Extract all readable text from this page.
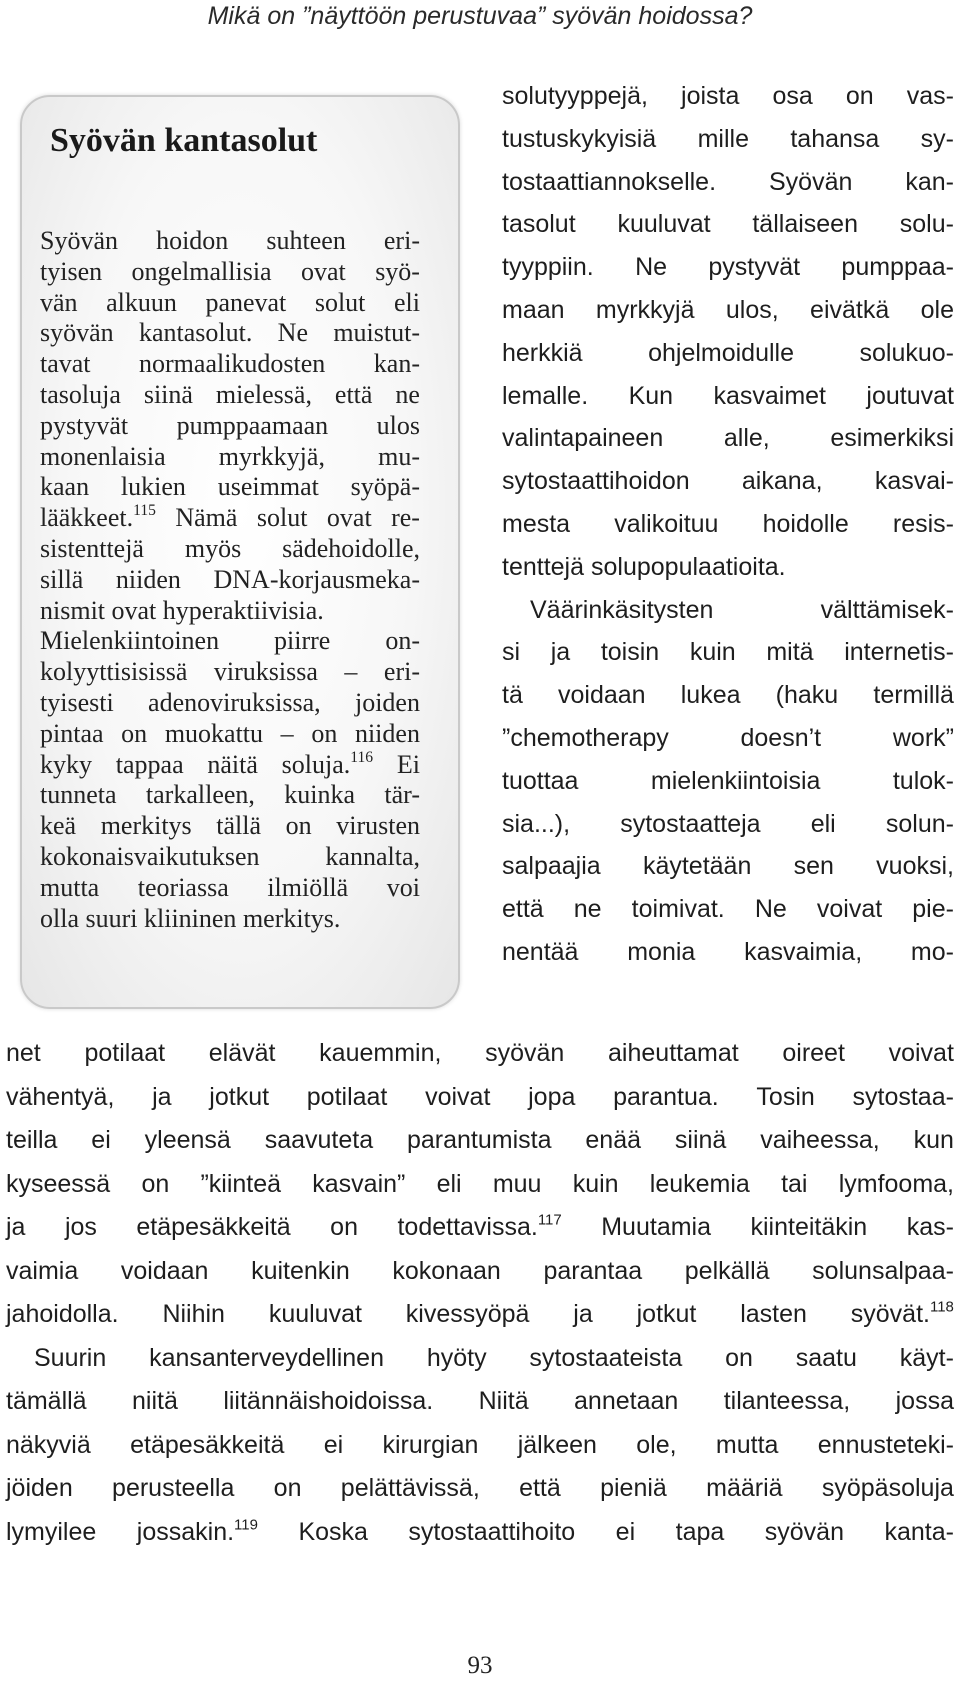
Mikä on ”näyttöön perustuvaa” syövän hoidossa?

Syövän kantasolut

Syövän hoidon suhteen eri-

tyisen ongelmallisia ovat syö-

vän alkuun panevat solut eli

syövän kantasolut. Ne muistut-

tavat normaalikudosten kan-

tasoluja siinä mielessä, että ne

pystyvät pumppaamaan ulos

monenlaisia myrkkyjä, mu-

kaan lukien useimmat syöpä-

lääkkeet.$^{115}$ Nämä solut ovat re-

sistenttejä myös sädehoidolle,

sillä niiden DNA-korjausmeka-

nismit ovat hyperaktiivisia.

Mielenkiintoinen piirre on-

kolyyttisisissä viruksissa – eri-

tyisesti adenoviruksissa, joiden

pintaa on muokattu – on niiden

kyky tappaa näitä soluja.$^{116}$ Ei

tunneta tarkalleen, kuinka tär-

keä merkitys tällä on virusten

kokonaisvaikutuksen	kannalta,

mutta teoriassa ilmiöllä voi

olla suuri kliininen merkitys.

solutyyppejä, joista osa on vas-

tustuskykyisiä mille tahansa sy-

tostaattiannokselle. Syövän kan-

tasolut kuuluvat tällaiseen solu-

tyyppiin. Ne pystyvät pumppaa-

maan myrkkyjä ulos, eivätkä ole

herkkiä	ohjelmoidulle	solukuo-

lemalle. Kun kasvaimet joutuvat

valintapaineen alle, esimerkiksi

sytostaattihoidon aikana, kasvai-

mesta valikoituu hoidolle resis-

tenttejä solupopulaatioita.

Väärinkäsitysten	välttämisek-

si ja toisin kuin mitä internetis-

tä voidaan lukea (haku termillä

”chemotherapy	doesn’t	work”

tuottaa	mielenkiintoisia	tulok-

sia...), sytostaatteja eli solun-

salpaajia käytetään sen vuoksi,

että ne toimivat. Ne voivat pie-

nentää monia kasvaimia, mo-

net potilaat elävät kauemmin, syövän aiheuttamat oireet voivat

vähentyä, ja jotkut potilaat voivat jopa parantua. Tosin sytostaa-

teilla ei yleensä saavuteta parantumista enää siinä vaiheessa, kun

kyseessä on ”kiinteä kasvain” eli muu kuin leukemia tai lymfooma,

ja jos etäpesäkkeitä on todettavissa.$^{117}$ Muutamia kiinteitäkin kas-

vaimia voidaan kuitenkin kokonaan parantaa pelkällä solunsalpaa-

jahoidolla. Niihin kuuluvat kivessyöpä ja jotkut lasten syövät.$^{118}$

Suurin kansanterveydellinen hyöty sytostaateista on saatu käyt-

tämällä niitä liitännäishoidoissa. Niitä annetaan tilanteessa, jossa

näkyviä etäpesäkkeitä ei kirurgian jälkeen ole, mutta ennusteteki-

jöiden perusteella on pelättävissä, että pieniä määriä syöpäsoluja

lymyilee jossakin.$^{119}$ Koska sytostaattihoito ei tapa syövän kanta-

93
